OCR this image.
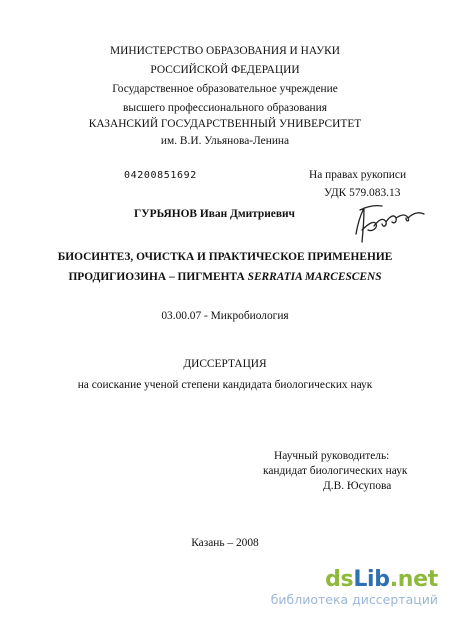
МИНИСТЕРСТВО ОБРАЗОВАНИЯ И НАУКИ
РОССИЙСКОЙ ФЕДЕРАЦИИ
Государственное образовательное учреждение
высшего профессионального образования
КАЗАНСКИЙ ГОСУДАРСТВЕННЫЙ УНИВЕРСИТЕТ
им. В.И. Ульянова-Ленина
04200851692	На правах рукописи
УДК 579.083.13
ГУРЬЯНОВ Иван Дмитриевич
БИОСИНТЕЗ, ОЧИСТКА И ПРАКТИЧЕСКОЕ ПРИМЕНЕНИЕ
ПРОДИГИОЗИНА – ПИГМЕНТА SERRATIA MARCESCENS
03.00.07 - Микробиология
ДИССЕРТАЦИЯ
на соискание ученой степени кандидата биологических наук
Научный руководитель:
кандидат биологических наук
Д.В. Юсупова
Казань – 2008
dsLib.net
библиотека диссертаций
